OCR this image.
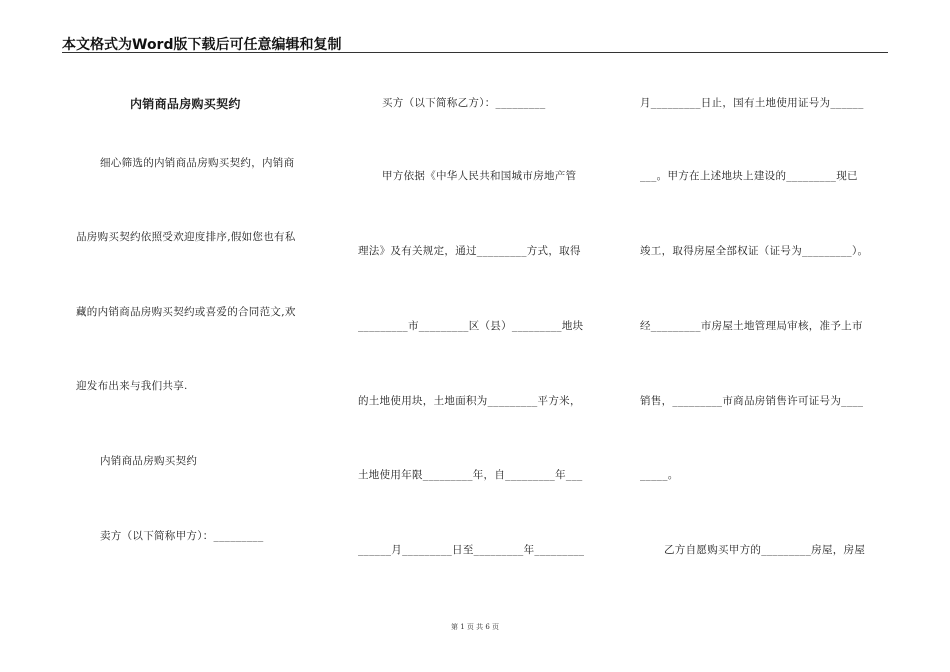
本文格式为Word版下载后可任意编辑和复制
内销商品房购买契约
细心筛选的内销商品房购买契约，内销商
品房购买契约依照受欢迎度排序,假如您也有私
藏的内销商品房购买契约或喜爱的合同范文,欢
迎发布出来与我们共享.
内销商品房购买契约
卖方（以下简称甲方）：_________
买方（以下简称乙方）：_________
甲方依据《中华人民共和国城市房地产管
理法》及有关规定，通过_________方式，取得
_________市_________区（县）_________地块
的土地使用块，土地面积为_________平方米，
土地使用年限_________年，自_________年___
______月_________日至_________年_________
月_________日止，国有土地使用证号为______
___。甲方在上述地块上建设的_________现已
竣工，取得房屋全部权证（证号为_________）。
经_________市房屋土地管理局审核，准予上市
销售，_________市商品房销售许可证号为____
_____。
乙方自愿购买甲方的_________房屋，房屋
第 1 页 共 6 页
